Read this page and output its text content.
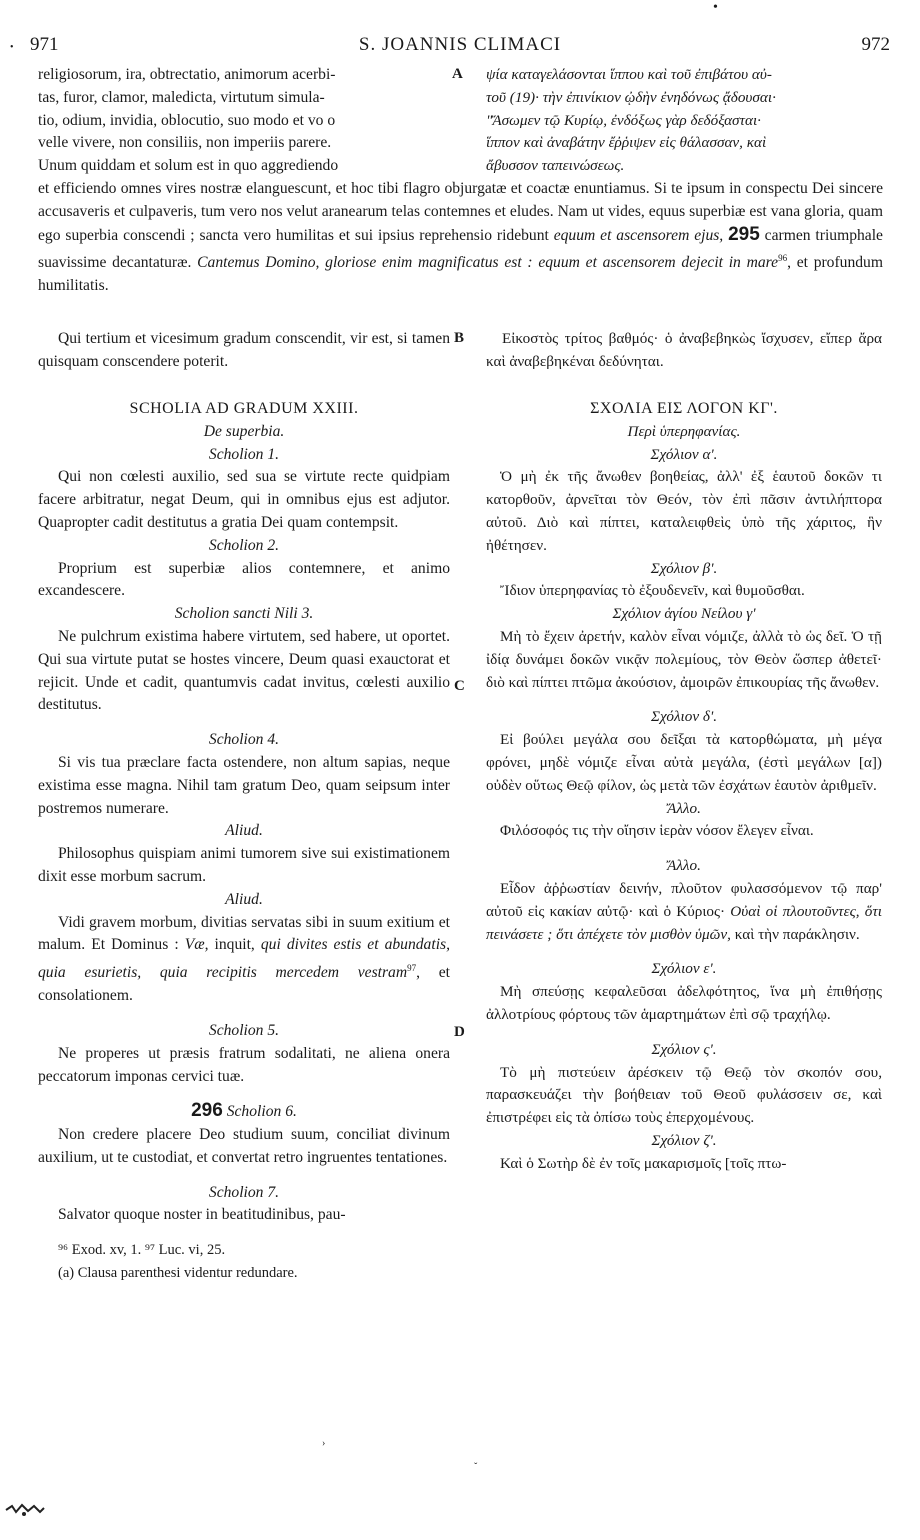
•
•
971	S. JOANNIS CLIMACI	972

religiosorum, ira, obtrectatio, animorum acerbi-

tas, furor, clamor, maledicta, virtutum simula-

tio, odium, invidia, oblocutio, suo modo et vo o

velle vivere, non consiliis, non imperiis parere.

Unum quiddam et solum est in quo aggrediendo

A ψία καταγελάσονται ἵππου καὶ τοῦ ἐπιβάτου αὐ-

τοῦ (19)· τὴν ἐπινίκιον ᾠδὴν ἐνηδόνως ᾄδουσαι·

"Ἄσωμεν τῷ Κυρίῳ, ἐνδόξως γὰρ δεδόξασται·

ἵππον καὶ ἀναβάτην ἔῤῥιψεν εἰς θάλασσαν, καὶ

ἄβυσσον ταπεινώσεως.

et efficiendo omnes vires nostræ elanguescunt, et hoc tibi flagro objurgatæ et coactæ enuntiamus. Si te ipsum in conspectu Dei sincere accusaveris et culpaveris, tum vero nos velut aranearum telas contemnes et eludes. Nam ut vides, equus superbiæ est vana gloria, quam ego superbia conscendi ; sancta vero humilitas et sui ipsius reprehensio ridebunt equum et ascensorem ejus, 295 carmen triumphale suavissime decantaturæ. Cantemus Domino, gloriose enim magnificatus est : equum et ascensorem dejecit in mare$^{96}$, et profundum humilitatis.

Qui tertium et vicesimum gradum conscendit, vir est, si tamen quisquam conscendere poterit.

B	Εἰκοστὸς τρίτος βαθμός· ὁ ἀναβεβηκὼς ἴσχυσεν, εἴπερ ἄρα καὶ ἀναβεβηκέναι δεδύνηται.

SCHOLIA AD GRADUM XXIII.

De superbia.

Scholion 1.

Qui non cœlesti auxilio, sed sua se virtute recte quidpiam facere arbitratur, negat Deum, qui in omnibus ejus est adjutor. Quapropter cadit destitutus a gratia Dei quam contempsit.

Scholion 2.

Proprium est superbiæ alios contemnere, et animo excandescere.

Scholion sancti Nili 3.

Ne pulchrum existima habere virtutem, sed habere, ut oportet. Qui sua virtute putat se hostes vincere, Deum quasi exauctorat et rejicit. Unde et cadit, quantumvis cadat invitus, cœlesti auxilio destitutus.

Scholion 4.

Si vis tua præclare facta ostendere, non altum sapias, neque existima esse magna. Nihil tam gratum Deo, quam seipsum inter postremos numerare.

Aliud.

Philosophus quispiam animi tumorem sive sui existimationem dixit esse morbum sacrum.

Aliud.

Vidi gravem morbum, divitias servatas sibi in suum exitium et malum. Et Dominus : Væ, inquit, qui divites estis et abundatis, quia esurietis, quia recipitis mercedem vestram$^{97}$, et consolationem.

Scholion 5.

Ne properes ut præsis fratrum sodalitati, ne aliena onera peccatorum imponas cervici tuæ.

296 Scholion 6.

Non credere placere Deo studium suum, conciliat divinum auxilium, ut te custodiat, et convertat retro ingruentes tentationes.

Scholion 7.

Salvator quoque noster in beatitudinibus, pau-

⁹⁶ Exod. xv, 1. ⁹⁷ Luc. vi, 25.

(a) Clausa parenthesi videntur redundare.

C
D

ΣΧΟΛΙΑ ΕΙΣ ΛΟΓΟΝ ΚΓ'.

Περὶ ὑπερηφανίας.

Σχόλιον α'.

Ὁ μὴ ἐκ τῆς ἄνωθεν βοηθείας, ἀλλ' ἐξ ἑαυτοῦ δοκῶν τι κατορθοῦν, ἀρνεῖται τὸν Θεόν, τὸν ἐπὶ πᾶσιν ἀντιλήπτορα αὐτοῦ. Διὸ καὶ πίπτει, καταλειφθεὶς ὑπὸ τῆς χάριτος, ἣν ἠθέτησεν.

Σχόλιον β'.

Ἴδιον ὑπερηφανίας τὸ ἐξουδενεῖν, καὶ θυμοῦσθαι.

Σχόλιον ἁγίου Νείλου γ'

Μὴ τὸ ἔχειν ἀρετήν, καλὸν εἶναι νόμιζε, ἀλλὰ τὸ ὡς δεῖ. Ὁ τῇ ἰδίᾳ δυνάμει δοκῶν νικᾷν πολεμίους, τὸν Θεὸν ὥσπερ ἀθετεῖ· διὸ καὶ πίπτει πτῶμα ἀκούσιον, ἀμοιρῶν ἐπικουρίας τῆς ἄνωθεν.

Σχόλιον δ'.

Εἰ βούλει μεγάλα σου δεῖξαι τὰ κατορθώματα, μὴ μέγα φρόνει, μηδὲ νόμιζε εἶναι αὐτὰ μεγάλα, (ἐστὶ μεγάλων [α]) οὐδὲν οὕτως Θεῷ φίλον, ὡς μετὰ τῶν ἐσχάτων ἑαυτὸν ἀριθμεῖν.

Ἄλλο.

Φιλόσοφός τις τὴν οἴησιν ἱερὰν νόσον ἔλεγεν εἶναι.

Ἄλλο.

Εἶδον ἀῤῥωστίαν δεινήν, πλοῦτον φυλασσόμενον τῷ παρ' αὐτοῦ εἰς κακίαν αὐτῷ· καὶ ὁ Κύριος· Οὐαὶ οἱ πλουτοῦντες, ὅτι πεινάσετε ; ὅτι ἀπέχετε τὸν μισθὸν ὑμῶν, καὶ τὴν παράκλησιν.

Σχόλιον ε'.

Μὴ σπεύσῃς κεφαλεῦσαι ἀδελφότητος, ἵνα μὴ ἐπιθήσῃς ἀλλοτρίους φόρτους τῶν ἁμαρτημάτων ἐπὶ σῷ τραχήλῳ.

Σχόλιον ς'.

Τὸ μὴ πιστεύειν ἀρέσκειν τῷ Θεῷ τὸν σκοπόν σου, παρασκευάζει τὴν βοήθειαν τοῦ Θεοῦ φυλάσσειν σε, καὶ ἐπιστρέφει εἰς τὰ ὀπίσω τοὺς ἐπερχομένους.

Σχόλιον ζ'.

Καὶ ὁ Σωτὴρ δὲ ἐν τοῖς μακαρισμοῖς [τοῖς πτω-

›
ˇ
